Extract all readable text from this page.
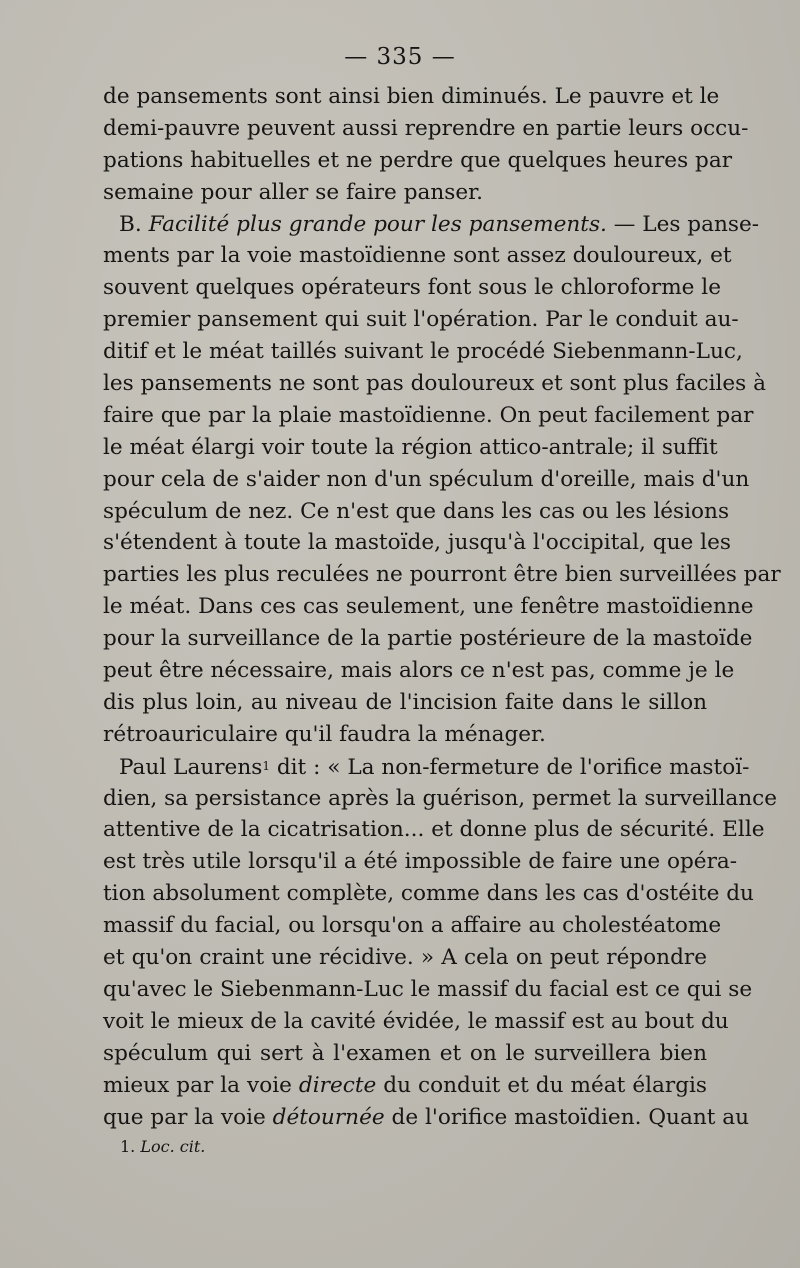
— 335 —
de pansements sont ainsi bien diminués. Le pauvre et le
demi-pauvre peuvent aussi reprendre en partie leurs occu-
pations habituelles et ne perdre que quelques heures par
semaine pour aller se faire panser.
B. Facilité plus grande pour les pansements. — Les panse-
ments par la voie mastoïdienne sont assez douloureux, et
souvent quelques opérateurs font sous le chloroforme le
premier pansement qui suit l'opération. Par le conduit au-
ditif et le méat taillés suivant le procédé Siebenmann-Luc,
les pansements ne sont pas douloureux et sont plus faciles à
faire que par la plaie mastoïdienne. On peut facilement par
le méat élargi voir toute la région attico-antrale; il suffit
pour cela de s'aider non d'un spéculum d'oreille, mais d'un
spéculum de nez. Ce n'est que dans les cas ou les lésions
s'étendent à toute la mastoïde, jusqu'à l'occipital, que les
parties les plus reculées ne pourront être bien surveillées par
le méat. Dans ces cas seulement, une fenêtre mastoïdienne
pour la surveillance de la partie postérieure de la mastoïde
peut être nécessaire, mais alors ce n'est pas, comme je le
dis plus loin, au niveau de l'incision faite dans le sillon
rétroauriculaire qu'il faudra la ménager.
Paul Laurens$^1$ dit : « La non-fermeture de l'orifice mastoï-
dien, sa persistance après la guérison, permet la surveillance
attentive de la cicatrisation... et donne plus de sécurité. Elle
est très utile lorsqu'il a été impossible de faire une opéra-
tion absolument complète, comme dans les cas d'ostéite du
massif du facial, ou lorsqu'on a affaire au cholestéatome
et qu'on craint une récidive. » A cela on peut répondre
qu'avec le Siebenmann-Luc le massif du facial est ce qui se
voit le mieux de la cavité évidée, le massif est au bout du
spéculum qui sert à l'examen et on le surveillera bien
mieux par la voie directe du conduit et du méat élargis
que par la voie détournée de l'orifice mastoïdien. Quant au
1. Loc. cit.
